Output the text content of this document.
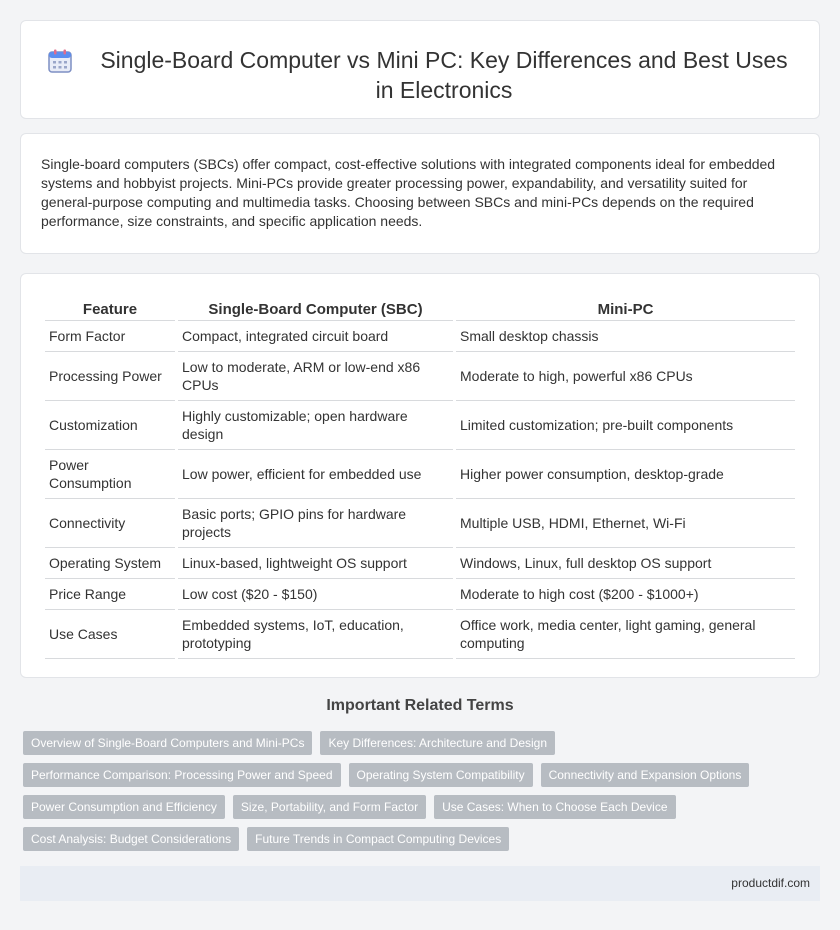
Single-Board Computer vs Mini PC: Key Differences and Best Uses in Electronics

Single-board computers (SBCs) offer compact, cost-effective solutions with integrated components ideal for embedded systems and hobbyist projects. Mini-PCs provide greater processing power, expandability, and versatility suited for general-purpose computing and multimedia tasks. Choosing between SBCs and mini-PCs depends on the required performance, size constraints, and specific application needs.

Feature	Single-Board Computer (SBC)	Mini-PC
Form Factor	Compact, integrated circuit board	Small desktop chassis
Processing Power	Low to moderate, ARM or low-end x86 CPUs	Moderate to high, powerful x86 CPUs
Customization	Highly customizable; open hardware design	Limited customization; pre-built components
Power Consumption	Low power, efficient for embedded use	Higher power consumption, desktop-grade
Connectivity	Basic ports; GPIO pins for hardware projects	Multiple USB, HDMI, Ethernet, Wi-Fi
Operating System	Linux-based, lightweight OS support	Windows, Linux, full desktop OS support
Price Range	Low cost ($20 - $150)	Moderate to high cost ($200 - $1000+)
Use Cases	Embedded systems, IoT, education, prototyping	Office work, media center, light gaming, general computing
Important Related Terms
Overview of Single-Board Computers and Mini-PCs	Key Differences: Architecture and Design
Performance Comparison: Processing Power and Speed	Operating System Compatibility	Connectivity and Expansion Options
Power Consumption and Efficiency	Size, Portability, and Form Factor	Use Cases: When to Choose Each Device
Cost Analysis: Budget Considerations	Future Trends in Compact Computing Devices
productdif.com
